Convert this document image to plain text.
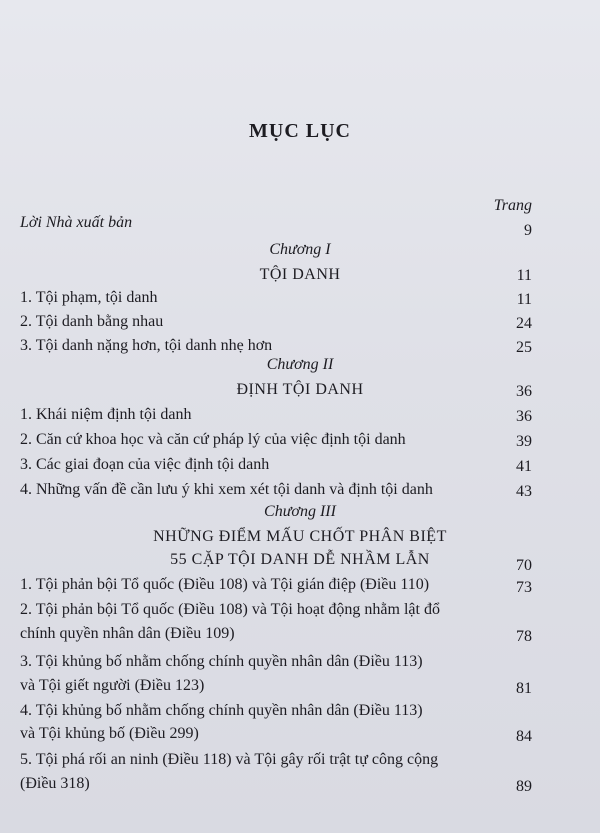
MỤC LỤC
Trang
Lời Nhà xuất bản	9
Chương I
TỘI DANH	11
1. Tội phạm, tội danh	11
2. Tội danh bằng nhau	24
3. Tội danh nặng hơn, tội danh nhẹ hơn	25
Chương II
ĐỊNH TỘI DANH	36
1. Khái niệm định tội danh	36
2. Căn cứ khoa học và căn cứ pháp lý của việc định tội danh	39
3. Các giai đoạn của việc định tội danh	41
4. Những vấn đề cần lưu ý khi xem xét tội danh và định tội danh	43
Chương III
NHỮNG ĐIỂM MẤU CHỐT PHÂN BIỆT
55 CẶP TỘI DANH DỄ NHẦM LẪN	70
1. Tội phản bội Tổ quốc (Điều 108) và Tội gián điệp (Điều 110)	73
2. Tội phản bội Tổ quốc (Điều 108) và Tội hoạt động nhằm lật đổ
chính quyền nhân dân (Điều 109)	78
3. Tội khủng bố nhằm chống chính quyền nhân dân (Điều 113)
và Tội giết người (Điều 123)	81
4. Tội khủng bố nhằm chống chính quyền nhân dân (Điều 113)
và Tội khủng bố (Điều 299)	84
5. Tội phá rối an ninh (Điều 118) và Tội gây rối trật tự công cộng
(Điều 318)	89
